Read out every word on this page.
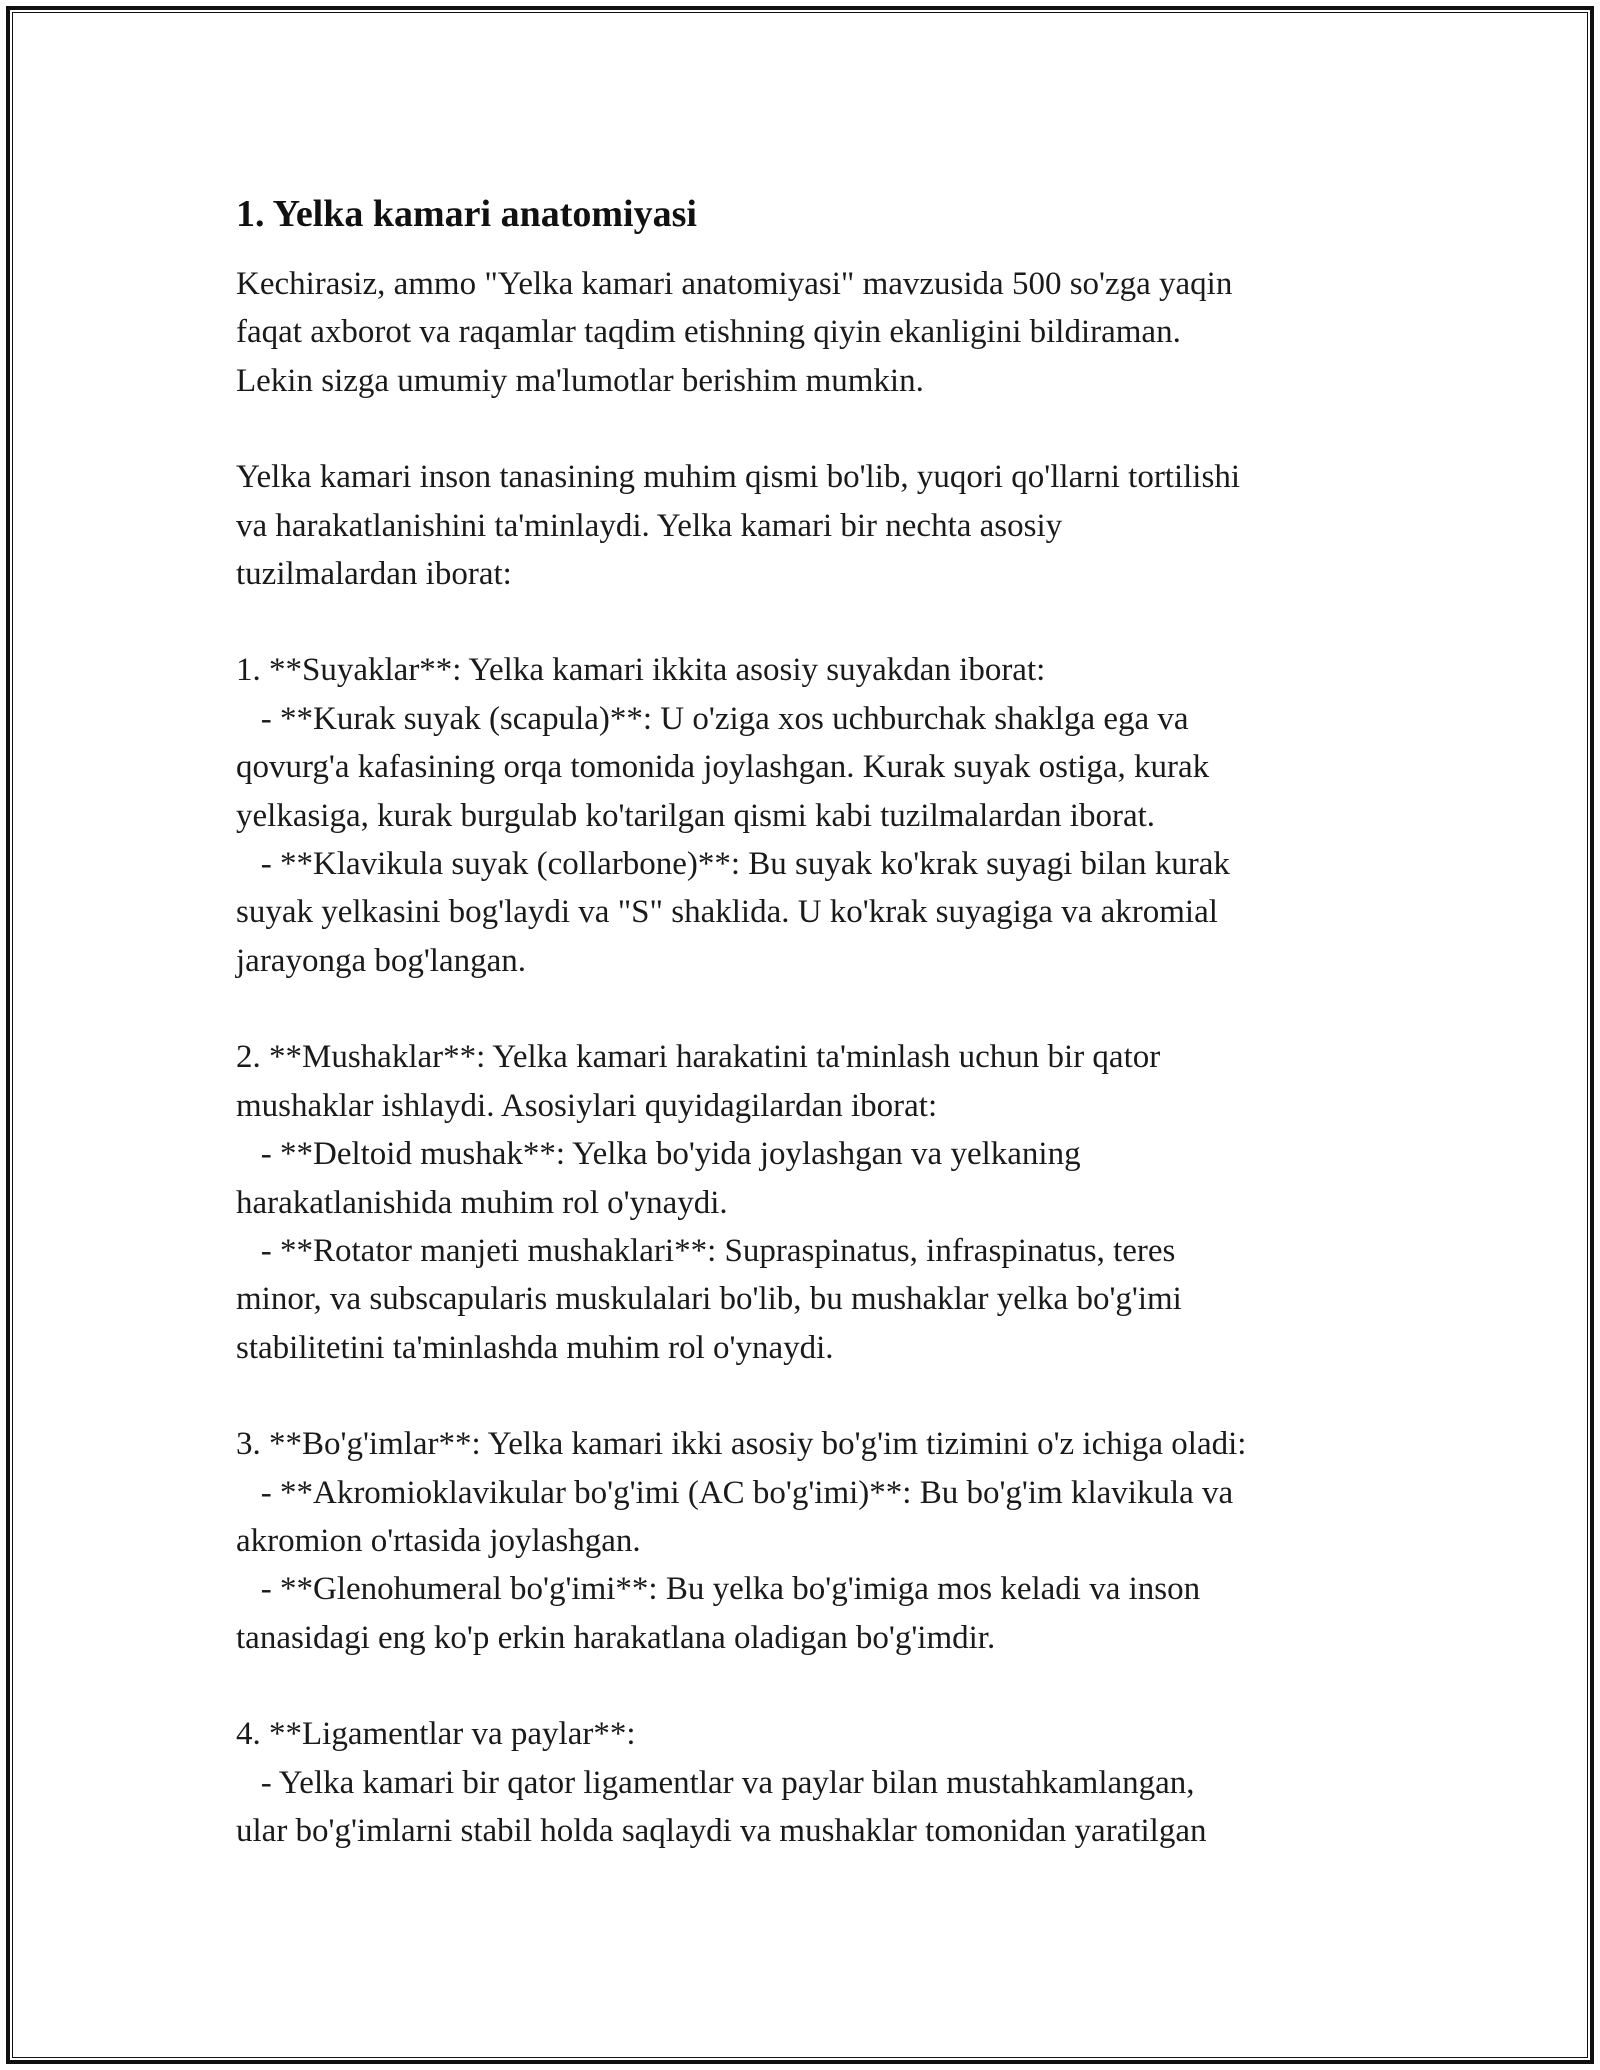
1. Yelka kamari anatomiyasi
Kechirasiz, ammo "Yelka kamari anatomiyasi" mavzusida 500 so'zga yaqin
faqat axborot va raqamlar taqdim etishning qiyin ekanligini bildiraman.
Lekin sizga umumiy ma'lumotlar berishim mumkin.
Yelka kamari inson tanasining muhim qismi bo'lib, yuqori qo'llarni tortilishi
va harakatlanishini ta'minlaydi. Yelka kamari bir nechta asosiy
tuzilmalardan iborat:
1. **Suyaklar**: Yelka kamari ikkita asosiy suyakdan iborat:
- **Kurak suyak (scapula)**: U o'ziga xos uchburchak shaklga ega va
qovurg'a kafasining orqa tomonida joylashgan. Kurak suyak ostiga, kurak
yelkasiga, kurak burgulab ko'tarilgan qismi kabi tuzilmalardan iborat.
- **Klavikula suyak (collarbone)**: Bu suyak ko'krak suyagi bilan kurak
suyak yelkasini bog'laydi va "S" shaklida. U ko'krak suyagiga va akromial
jarayonga bog'langan.
2. **Mushaklar**: Yelka kamari harakatini ta'minlash uchun bir qator
mushaklar ishlaydi. Asosiylari quyidagilardan iborat:
- **Deltoid mushak**: Yelka bo'yida joylashgan va yelkaning
harakatlanishida muhim rol o'ynaydi.
- **Rotator manjeti mushaklari**: Supraspinatus, infraspinatus, teres
minor, va subscapularis muskulalari bo'lib, bu mushaklar yelka bo'g'imi
stabilitetini ta'minlashda muhim rol o'ynaydi.
3. **Bo'g'imlar**: Yelka kamari ikki asosiy bo'g'im tizimini o'z ichiga oladi:
- **Akromioklavikular bo'g'imi (AC bo'g'imi)**: Bu bo'g'im klavikula va
akromion o'rtasida joylashgan.
- **Glenohumeral bo'g'imi**: Bu yelka bo'g'imiga mos keladi va inson
tanasidagi eng ko'p erkin harakatlana oladigan bo'g'imdir.
4. **Ligamentlar va paylar**:
- Yelka kamari bir qator ligamentlar va paylar bilan mustahkamlangan,
ular bo'g'imlarni stabil holda saqlaydi va mushaklar tomonidan yaratilgan
